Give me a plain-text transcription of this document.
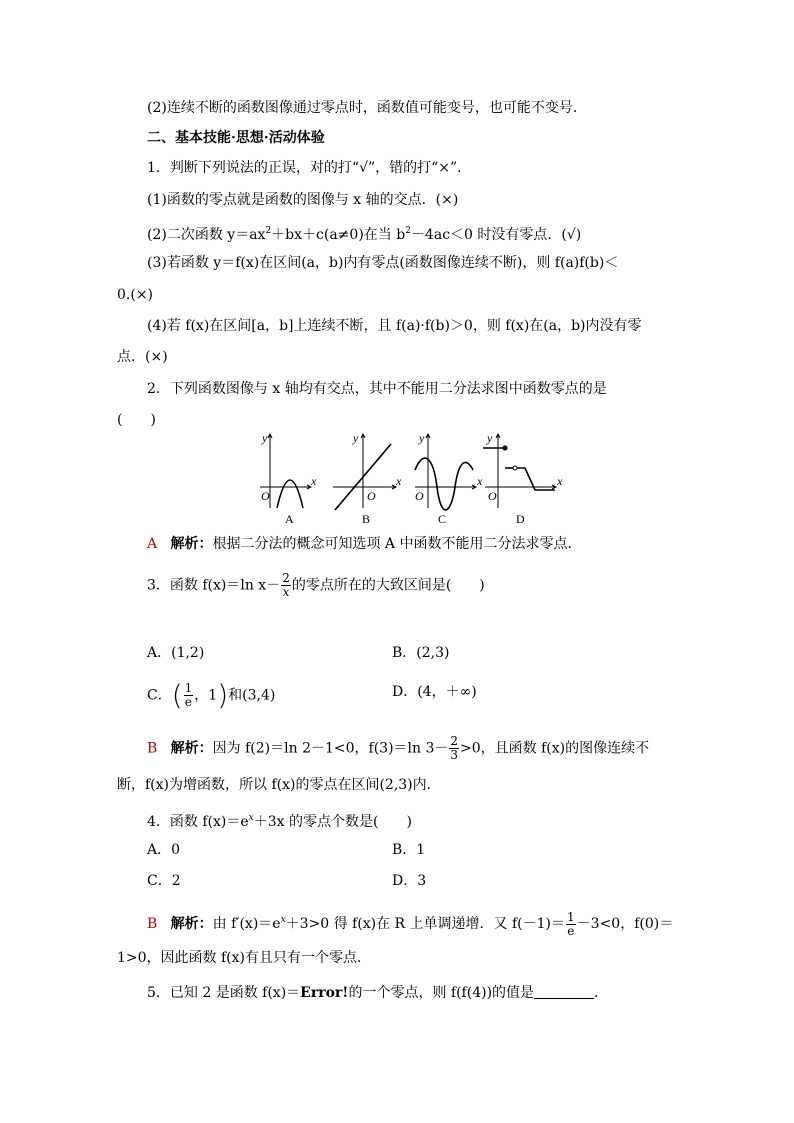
(2)连续不断的函数图像通过零点时，函数值可能变号，也可能不变号．
二、基本技能·思想·活动体验
1．判断下列说法的正误，对的打“√”，错的打“×”．
(1)函数的零点就是函数的图像与 x 轴的交点．(×)
(2)二次函数 $y=ax^2+bx+c(a\ne 0)$在当 $b^2-4ac<0$ 时没有零点．(√)
(3)若函数 y＝f(x)在区间(a，b)内有零点(函数图像连续不断)，则 f(a)f(b)＜
0.(×)
(4)若 f(x)在区间[a，b]上连续不断，且 f(a)·f(b)＞0，则 f(x)在(a，b)内没有零
点．(×)
2．下列函数图像与 x 轴均有交点，其中不能用二分法求图中函数零点的是
(　　)
y
x
O
A
y
x
O
B
y
x
O
C
y
x
O
D
A 解析：根据二分法的概念可知选项 A 中函数不能用二分法求零点．
3．函数 f(x)＝ln $x- \frac{2}{x}$ 的零点所在的大致区间是(　　)
A．(1,2)	B．(2,3)
C．( $\frac{1}{e}$ ，1)和(3,4)	D．(4，＋∞)
B 解析：因为 f(2)＝ln 2－1<0，f(3)＝ln $3- \frac{2}{3} >0$，且函数 f(x)的图像连续不
断，f(x)为增函数，所以 f(x)的零点在区间(2,3)内．
4．函数 $f(x)=e^x+3x$ 的零点个数是(　　)
A．0	B．1
C．2	D．3
B 解析：由 $f'(x)=e^x+3>0$ 得 f(x)在 R 上单调递增．又 $f(-1)= \frac{1}{e} -3<0$，f(0)＝
1>0，因此函数 f(x)有且只有一个零点．
5．已知 2 是函数 f(x)＝Error!的一个零点，则 f(f(4))的值是	．
